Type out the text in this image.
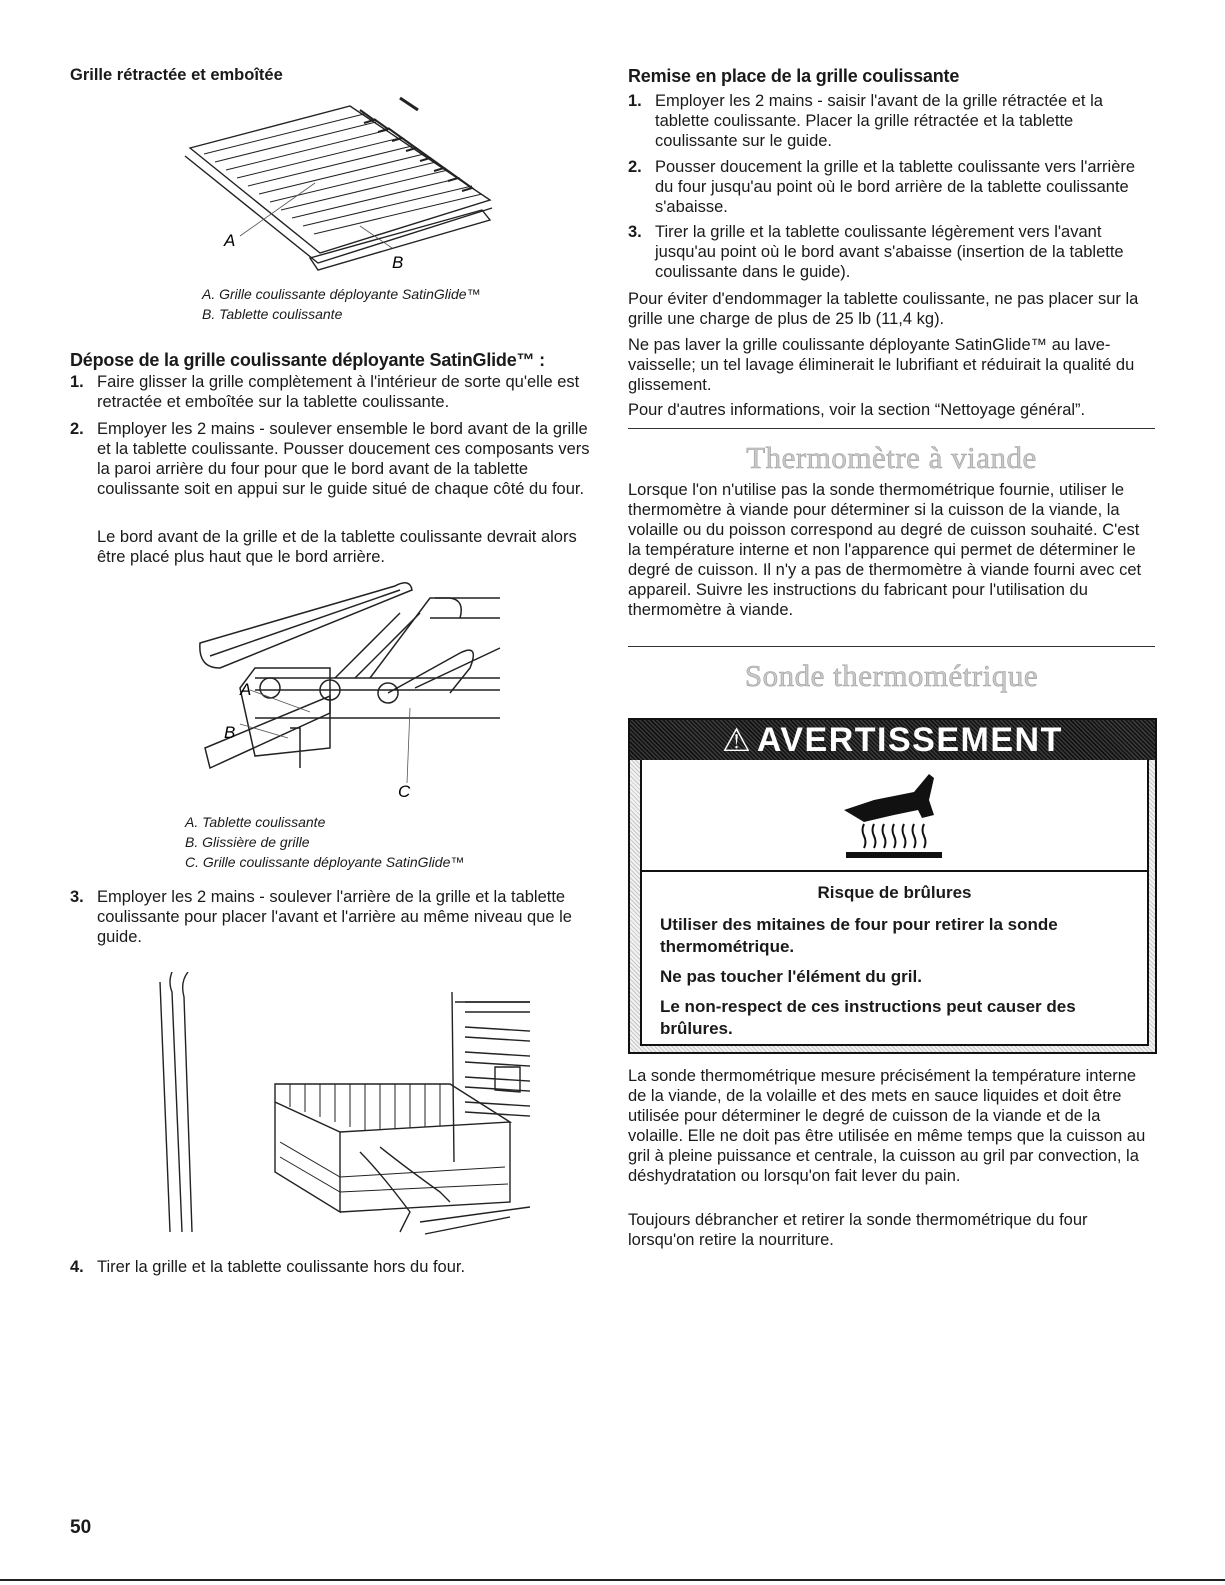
Grille rétractée et emboîtée
A
B
A. Grille coulissante déployante SatinGlide™
B. Tablette coulissante
Dépose de la grille coulissante déployante SatinGlide™ :
1. Faire glisser la grille complètement à l'intérieur de sorte qu'elle est retractée et emboîtée sur la tablette coulissante.
2. Employer les 2 mains - soulever ensemble le bord avant de la grille et la tablette coulissante. Pousser doucement ces composants vers la paroi arrière du four pour que le bord avant de la tablette coulissante soit en appui sur le guide situé de chaque côté du four.

Le bord avant de la grille et de la tablette coulissante devrait alors être placé plus haut que le bord arrière.

A
B
C
A. Tablette coulissante
B. Glissière de grille
C. Grille coulissante déployante SatinGlide™
3. Employer les 2 mains - soulever l'arrière de la grille et la tablette coulissante pour placer l'avant et l'arrière au même niveau que le guide.
4. Tirer la grille et la tablette coulissante hors du four.
Remise en place de la grille coulissante
1. Employer les 2 mains - saisir l'avant de la grille rétractée et la tablette coulissante. Placer la grille rétractée et la tablette coulissante sur le guide.
2. Pousser doucement la grille et la tablette coulissante vers l'arrière du four jusqu'au point où le bord arrière de la tablette coulissante s'abaisse.
3. Tirer la grille et la tablette coulissante légèrement vers l'avant jusqu'au point où le bord avant s'abaisse (insertion de la tablette coulissante dans le guide).

Pour éviter d'endommager la tablette coulissante, ne pas placer sur la grille une charge de plus de 25 lb (11,4 kg).

Ne pas laver la grille coulissante déployante SatinGlide™ au lave-vaisselle; un tel lavage éliminerait le lubrifiant et réduirait la qualité du glissement.

Pour d'autres informations, voir la section “Nettoyage général”.

Thermomètre à viande

Lorsque l'on n'utilise pas la sonde thermométrique fournie, utiliser le thermomètre à viande pour déterminer si la cuisson de la viande, la volaille ou du poisson correspond au degré de cuisson souhaité. C'est la température interne et non l'apparence qui permet de déterminer le degré de cuisson. Il n'y a pas de thermomètre à viande fourni avec cet appareil. Suivre les instructions du fabricant pour l'utilisation du thermomètre à viande.

Sonde thermométrique
⚠ AVERTISSEMENT

Risque de brûlures

Utiliser des mitaines de four pour retirer la sonde thermométrique.

Ne pas toucher l'élément du gril.

Le non-respect de ces instructions peut causer des brûlures.

La sonde thermométrique mesure précisément la température interne de la viande, de la volaille et des mets en sauce liquides et doit être utilisée pour déterminer le degré de cuisson de la viande et de la volaille. Elle ne doit pas être utilisée en même temps que la cuisson au gril à pleine puissance et centrale, la cuisson au gril par convection, la déshydratation ou lorsqu'on fait lever du pain.

Toujours débrancher et retirer la sonde thermométrique du four lorsqu'on retire la nourriture.

50
